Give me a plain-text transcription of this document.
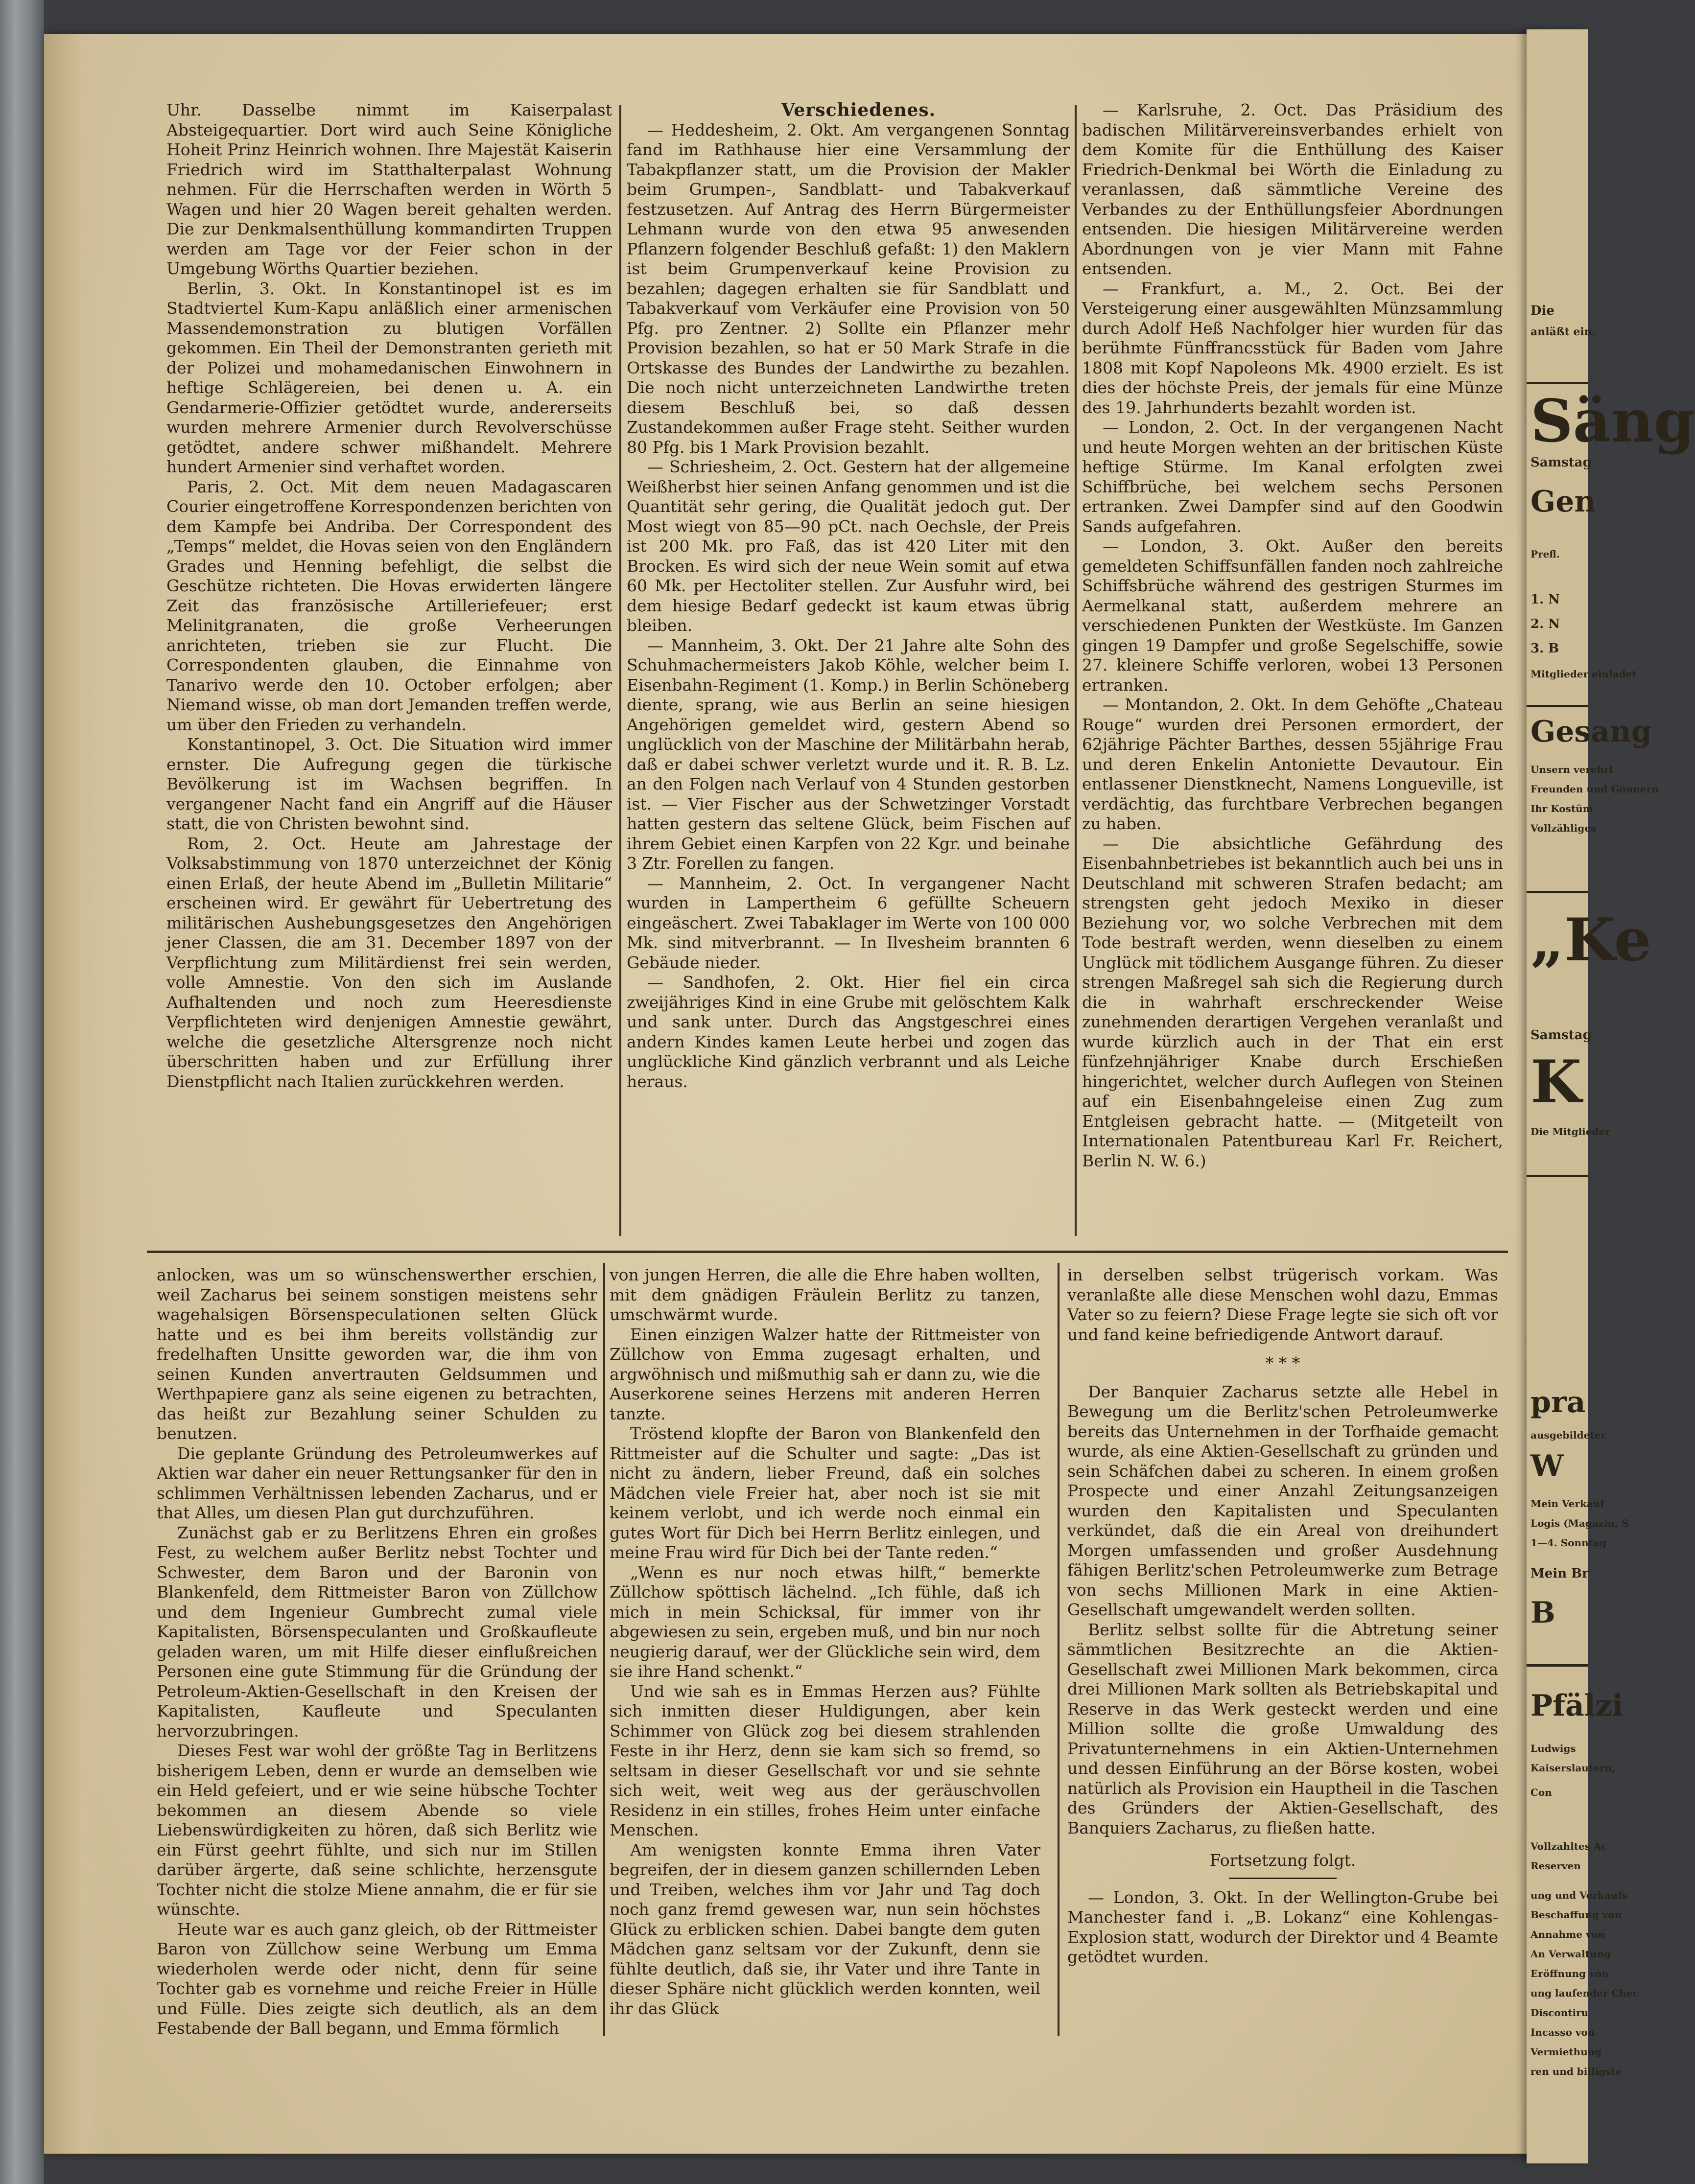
Uhr. Dasselbe nimmt im Kaiserpalast Absteigequartier. Dort wird auch Seine Königliche Hoheit Prinz Heinrich wohnen. Ihre Majestät Kaiserin Friedrich wird im Statthalterpalast Wohnung nehmen. Für die Herrschaften werden in Wörth 5 Wagen und hier 20 Wagen bereit gehalten werden. Die zur Denkmalsenthüllung kommandirten Truppen werden am Tage vor der Feier schon in der Umgebung Wörths Quartier beziehen.

Berlin, 3. Okt. In Konstantinopel ist es im Stadtviertel Kum-Kapu anläßlich einer armenischen Massendemonstration zu blutigen Vorfällen gekommen. Ein Theil der Demonstranten gerieth mit der Polizei und mohamedanischen Einwohnern in heftige Schlägereien, bei denen u. A. ein Gendarmerie-Offizier getödtet wurde, andererseits wurden mehrere Armenier durch Revolverschüsse getödtet, andere schwer mißhandelt. Mehrere hundert Armenier sind verhaftet worden.

Paris, 2. Oct. Mit dem neuen Madagascaren Courier eingetroffene Korrespondenzen berichten von dem Kampfe bei Andriba. Der Correspondent des „Temps“ meldet, die Hovas seien von den Engländern Grades und Henning befehligt, die selbst die Geschütze richteten. Die Hovas erwiderten längere Zeit das französische Artilleriefeuer; erst Melinitgranaten, die große Verheerungen anrichteten, trieben sie zur Flucht. Die Correspondenten glauben, die Einnahme von Tanarivo werde den 10. October erfolgen; aber Niemand wisse, ob man dort Jemanden treffen werde, um über den Frieden zu verhandeln.

Konstantinopel, 3. Oct. Die Situation wird immer ernster. Die Aufregung gegen die türkische Bevölkerung ist im Wachsen begriffen. In vergangener Nacht fand ein Angriff auf die Häuser statt, die von Christen bewohnt sind.

Rom, 2. Oct. Heute am Jahrestage der Volksabstimmung von 1870 unterzeichnet der König einen Erlaß, der heute Abend im „Bulletin Militarie“ erscheinen wird. Er gewährt für Uebertretung des militärischen Aushebungsgesetzes den Angehörigen jener Classen, die am 31. December 1897 von der Verpflichtung zum Militärdienst frei sein werden, volle Amnestie. Von den sich im Auslande Aufhaltenden und noch zum Heeresdienste Verpflichteten wird denjenigen Amnestie gewährt, welche die gesetzliche Altersgrenze noch nicht überschritten haben und zur Erfüllung ihrer Dienstpflicht nach Italien zurückkehren werden.

Verschiedenes.

— Heddesheim, 2. Okt. Am vergangenen Sonntag fand im Rathhause hier eine Versammlung der Tabakpflanzer statt, um die Provision der Makler beim Grumpen-, Sandblatt- und Tabakverkauf festzusetzen. Auf Antrag des Herrn Bürgermeister Lehmann wurde von den etwa 95 anwesenden Pflanzern folgender Beschluß gefaßt: 1) den Maklern ist beim Grumpenverkauf keine Provision zu bezahlen; dagegen erhalten sie für Sandblatt und Tabakverkauf vom Verkäufer eine Provision von 50 Pfg. pro Zentner. 2) Sollte ein Pflanzer mehr Provision bezahlen, so hat er 50 Mark Strafe in die Ortskasse des Bundes der Landwirthe zu bezahlen. Die noch nicht unterzeichneten Landwirthe treten diesem Beschluß bei, so daß dessen Zustandekommen außer Frage steht. Seither wurden 80 Pfg. bis 1 Mark Provision bezahlt.

— Schriesheim, 2. Oct. Gestern hat der allgemeine Weißherbst hier seinen Anfang genommen und ist die Quantität sehr gering, die Qualität jedoch gut. Der Most wiegt von 85—90 pCt. nach Oechsle, der Preis ist 200 Mk. pro Faß, das ist 420 Liter mit den Brocken. Es wird sich der neue Wein somit auf etwa 60 Mk. per Hectoliter stellen. Zur Ausfuhr wird, bei dem hiesige Bedarf gedeckt ist kaum etwas übrig bleiben.

— Mannheim, 3. Okt. Der 21 Jahre alte Sohn des Schuhmachermeisters Jakob Köhle, welcher beim I. Eisenbahn-Regiment (1. Komp.) in Berlin Schöneberg diente, sprang, wie aus Berlin an seine hiesigen Angehörigen gemeldet wird, gestern Abend so unglücklich von der Maschine der Militärbahn herab, daß er dabei schwer verletzt wurde und it. R. B. Lz. an den Folgen nach Verlauf von 4 Stunden gestorben ist. — Vier Fischer aus der Schwetzinger Vorstadt hatten gestern das seltene Glück, beim Fischen auf ihrem Gebiet einen Karpfen von 22 Kgr. und beinahe 3 Ztr. Forellen zu fangen.

— Mannheim, 2. Oct. In vergangener Nacht wurden in Lampertheim 6 gefüllte Scheuern eingeäschert. Zwei Tabaklager im Werte von 100 000 Mk. sind mitverbrannt. — In Ilvesheim brannten 6 Gebäude nieder.

— Sandhofen, 2. Okt. Hier fiel ein circa zweijähriges Kind in eine Grube mit gelöschtem Kalk und sank unter. Durch das Angstgeschrei eines andern Kindes kamen Leute herbei und zogen das unglückliche Kind gänzlich verbrannt und als Leiche heraus.

— Karlsruhe, 2. Oct. Das Präsidium des badischen Militärvereinsverbandes erhielt von dem Komite für die Enthüllung des Kaiser Friedrich-Denkmal bei Wörth die Einladung zu veranlassen, daß sämmtliche Vereine des Verbandes zu der Enthüllungsfeier Abordnungen entsenden. Die hiesigen Militärvereine werden Abordnungen von je vier Mann mit Fahne entsenden.

— Frankfurt, a. M., 2. Oct. Bei der Versteigerung einer ausgewählten Münzsammlung durch Adolf Heß Nachfolger hier wurden für das berühmte Fünffrancsstück für Baden vom Jahre 1808 mit Kopf Napoleons Mk. 4900 erzielt. Es ist dies der höchste Preis, der jemals für eine Münze des 19. Jahrhunderts bezahlt worden ist.

— London, 2. Oct. In der vergangenen Nacht und heute Morgen wehten an der britischen Küste heftige Stürme. Im Kanal erfolgten zwei Schiffbrüche, bei welchem sechs Personen ertranken. Zwei Dampfer sind auf den Goodwin Sands aufgefahren.

— London, 3. Okt. Außer den bereits gemeldeten Schiffsunfällen fanden noch zahlreiche Schiffsbrüche während des gestrigen Sturmes im Aermelkanal statt, außerdem mehrere an verschiedenen Punkten der Westküste. Im Ganzen gingen 19 Dampfer und große Segelschiffe, sowie 27. kleinere Schiffe verloren, wobei 13 Personen ertranken.

— Montandon, 2. Okt. In dem Gehöfte „Chateau Rouge“ wurden drei Personen ermordert, der 62jährige Pächter Barthes, dessen 55jährige Frau und deren Enkelin Antoniette Devautour. Ein entlassener Dienstknecht, Namens Longueville, ist verdächtig, das furchtbare Verbrechen begangen zu haben.

— Die absichtliche Gefährdung des Eisenbahnbetriebes ist bekanntlich auch bei uns in Deutschland mit schweren Strafen bedacht; am strengsten geht jedoch Mexiko in dieser Beziehung vor, wo solche Verbrechen mit dem Tode bestraft werden, wenn dieselben zu einem Unglück mit tödlichem Ausgange führen. Zu dieser strengen Maßregel sah sich die Regierung durch die in wahrhaft erschreckender Weise zunehmenden derartigen Vergehen veranlaßt und wurde kürzlich auch in der That ein erst fünfzehnjähriger Knabe durch Erschießen hingerichtet, welcher durch Auflegen von Steinen auf ein Eisenbahngeleise einen Zug zum Entgleisen gebracht hatte. — (Mitgeteilt von Internationalen Patentbureau Karl Fr. Reichert, Berlin N. W. 6.)

anlocken, was um so wünschenswerther erschien, weil Zacharus bei seinem sonstigen meistens sehr wagehalsigen Börsenspeculationen selten Glück hatte und es bei ihm bereits vollständig zur fredelhaften Unsitte geworden war, die ihm von seinen Kunden anvertrauten Geldsummen und Werthpapiere ganz als seine eigenen zu betrachten, das heißt zur Bezahlung seiner Schulden zu benutzen.

Die geplante Gründung des Petroleumwerkes auf Aktien war daher ein neuer Rettungsanker für den in schlimmen Verhältnissen lebenden Zacharus, und er that Alles, um diesen Plan gut durchzuführen.

Zunächst gab er zu Berlitzens Ehren ein großes Fest, zu welchem außer Berlitz nebst Tochter und Schwester, dem Baron und der Baronin von Blankenfeld, dem Rittmeister Baron von Züllchow und dem Ingenieur Gumbrecht zumal viele Kapitalisten, Börsenspeculanten und Großkaufleute geladen waren, um mit Hilfe dieser einflußreichen Personen eine gute Stimmung für die Gründung der Petroleum-Aktien-Gesellschaft in den Kreisen der Kapitalisten, Kaufleute und Speculanten hervorzubringen.

Dieses Fest war wohl der größte Tag in Berlitzens bisherigem Leben, denn er wurde an demselben wie ein Held gefeiert, und er wie seine hübsche Tochter bekommen an diesem Abende so viele Liebenswürdigkeiten zu hören, daß sich Berlitz wie ein Fürst geehrt fühlte, und sich nur im Stillen darüber ärgerte, daß seine schlichte, herzensgute Tochter nicht die stolze Miene annahm, die er für sie wünschte.

Heute war es auch ganz gleich, ob der Rittmeister Baron von Züllchow seine Werbung um Emma wiederholen werde oder nicht, denn für seine Tochter gab es vornehme und reiche Freier in Hülle und Fülle. Dies zeigte sich deutlich, als an dem Festabende der Ball begann, und Emma förmlich

von jungen Herren, die alle die Ehre haben wollten, mit dem gnädigen Fräulein Berlitz zu tanzen, umschwärmt wurde.

Einen einzigen Walzer hatte der Rittmeister von Züllchow von Emma zugesagt erhalten, und argwöhnisch und mißmuthig sah er dann zu, wie die Auserkorene seines Herzens mit anderen Herren tanzte.

Tröstend klopfte der Baron von Blankenfeld den Rittmeister auf die Schulter und sagte: „Das ist nicht zu ändern, lieber Freund, daß ein solches Mädchen viele Freier hat, aber noch ist sie mit keinem verlobt, und ich werde noch einmal ein gutes Wort für Dich bei Herrn Berlitz einlegen, und meine Frau wird für Dich bei der Tante reden.“

„Wenn es nur noch etwas hilft,“ bemerkte Züllchow spöttisch lächelnd. „Ich fühle, daß ich mich in mein Schicksal, für immer von ihr abgewiesen zu sein, ergeben muß, und bin nur noch neugierig darauf, wer der Glückliche sein wird, dem sie ihre Hand schenkt.“

Und wie sah es in Emmas Herzen aus? Fühlte sich inmitten dieser Huldigungen, aber kein Schimmer von Glück zog bei diesem strahlenden Feste in ihr Herz, denn sie kam sich so fremd, so seltsam in dieser Gesellschaft vor und sie sehnte sich weit, weit weg aus der geräuschvollen Residenz in ein stilles, frohes Heim unter einfache Menschen.

Am wenigsten konnte Emma ihren Vater begreifen, der in diesem ganzen schillernden Leben und Treiben, welches ihm vor Jahr und Tag doch noch ganz fremd gewesen war, nun sein höchstes Glück zu erblicken schien. Dabei bangte dem guten Mädchen ganz seltsam vor der Zukunft, denn sie fühlte deutlich, daß sie, ihr Vater und ihre Tante in dieser Sphäre nicht glücklich werden konnten, weil ihr das Glück

in derselben selbst trügerisch vorkam. Was veranlaßte alle diese Menschen wohl dazu, Emmas Vater so zu feiern? Diese Frage legte sie sich oft vor und fand keine befriedigende Antwort darauf.

* * *

Der Banquier Zacharus setzte alle Hebel in Bewegung um die Berlitz'schen Petroleumwerke bereits das Unternehmen in der Torfhaide gemacht wurde, als eine Aktien-Gesellschaft zu gründen und sein Schäfchen dabei zu scheren. In einem großen Prospecte und einer Anzahl Zeitungsanzeigen wurden den Kapitalisten und Speculanten verkündet, daß die ein Areal von dreihundert Morgen umfassenden und großer Ausdehnung fähigen Berlitz'schen Petroleumwerke zum Betrage von sechs Millionen Mark in eine Aktien-Gesellschaft umgewandelt werden sollten.

Berlitz selbst sollte für die Abtretung seiner sämmtlichen Besitzrechte an die Aktien-Gesellschaft zwei Millionen Mark bekommen, circa drei Millionen Mark sollten als Betriebskapital und Reserve in das Werk gesteckt werden und eine Million sollte die große Umwaldung des Privatunternehmens in ein Aktien-Unternehmen und dessen Einführung an der Börse kosten, wobei natürlich als Provision ein Hauptheil in die Taschen des Gründers der Aktien-Gesellschaft, des Banquiers Zacharus, zu fließen hatte.

Fortsetzung folgt.

— London, 3. Okt. In der Wellington-Grube bei Manchester fand i. „B. Lokanz“ eine Kohlengas-Explosion statt, wodurch der Direktor und 4 Beamte getödtet wurden.

Die
anläßt ein.
Säng
Samstag
Gen
Prefl.
1. N
2. N
3. B
Mitglieder einladet
Gesang
Unsern verehrl
Freunden und Gönnern
Ihr Kostüm
Vollzähliges
„Ke
Samstag
K
Die Mitglieder
pra
ausgebildeter
W
Mein Verkauf
Logis (Magazin, S
1—4. Sonntag
Mein Br
B
Pfälzi
Ludwigs
Kaiserslautern,
Con
Vollzahltes Ac
Reserven
ung und Verkaufs
Beschaffung von
Annahme von
An Verwaltung
Eröffnung von
ung laufender Chec
Discontiru
Incasso von
Vermiethung
ren und billigste
